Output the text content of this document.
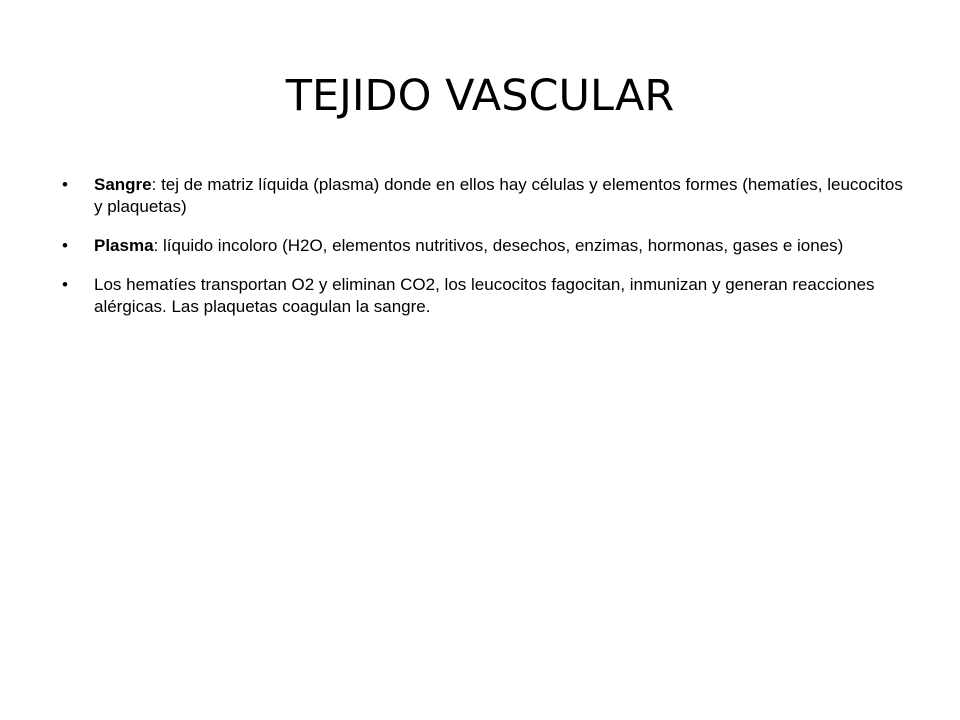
TEJIDO VASCULAR
•	Sangre: tej de matriz líquida (plasma) donde en ellos hay células y elementos formes (hematíes, leucocitos y plaquetas)
•	Plasma: líquido incoloro (H2O, elementos nutritivos, desechos, enzimas, hormonas, gases e iones)
•	Los hematíes transportan O2 y eliminan CO2, los leucocitos fagocitan, inmunizan y generan reacciones alérgicas. Las plaquetas coagulan la sangre.
